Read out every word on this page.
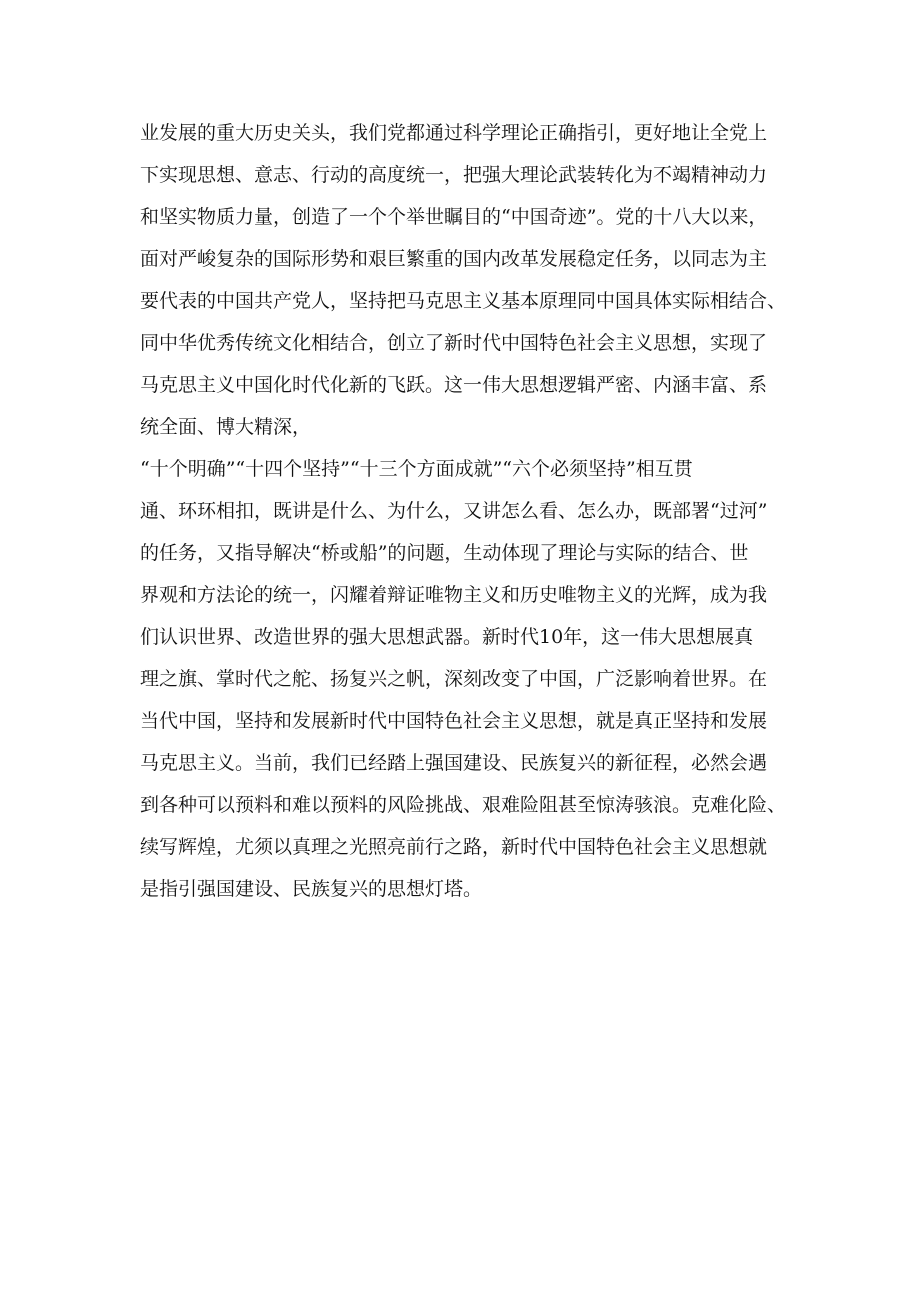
业发展的重大历史关头，我们党都通过科学理论正确指引，更好地让全党上
下实现思想、意志、行动的高度统一，把强大理论武装转化为不竭精神动力
和坚实物质力量，创造了一个个举世瞩目的“中国奇迹”。党的十八大以来，
面对严峻复杂的国际形势和艰巨繁重的国内改革发展稳定任务，以同志为主
要代表的中国共产党人，坚持把马克思主义基本原理同中国具体实际相结合、
同中华优秀传统文化相结合，创立了新时代中国特色社会主义思想，实现了
马克思主义中国化时代化新的飞跃。这一伟大思想逻辑严密、内涵丰富、系
统全面、博大精深，
“十个明确”“十四个坚持”“十三个方面成就”“六个必须坚持”相互贯
通、环环相扣，既讲是什么、为什么，又讲怎么看、怎么办，既部署“过河”
的任务，又指导解决“桥或船”的问题，生动体现了理论与实际的结合、世
界观和方法论的统一，闪耀着辩证唯物主义和历史唯物主义的光辉，成为我
们认识世界、改造世界的强大思想武器。新时代10年，这一伟大思想展真
理之旗、掌时代之舵、扬复兴之帆，深刻改变了中国，广泛影响着世界。在
当代中国，坚持和发展新时代中国特色社会主义思想，就是真正坚持和发展
马克思主义。当前，我们已经踏上强国建设、民族复兴的新征程，必然会遇
到各种可以预料和难以预料的风险挑战、艰难险阻甚至惊涛骇浪。克难化险、
续写辉煌，尤须以真理之光照亮前行之路，新时代中国特色社会主义思想就
是指引强国建设、民族复兴的思想灯塔。
